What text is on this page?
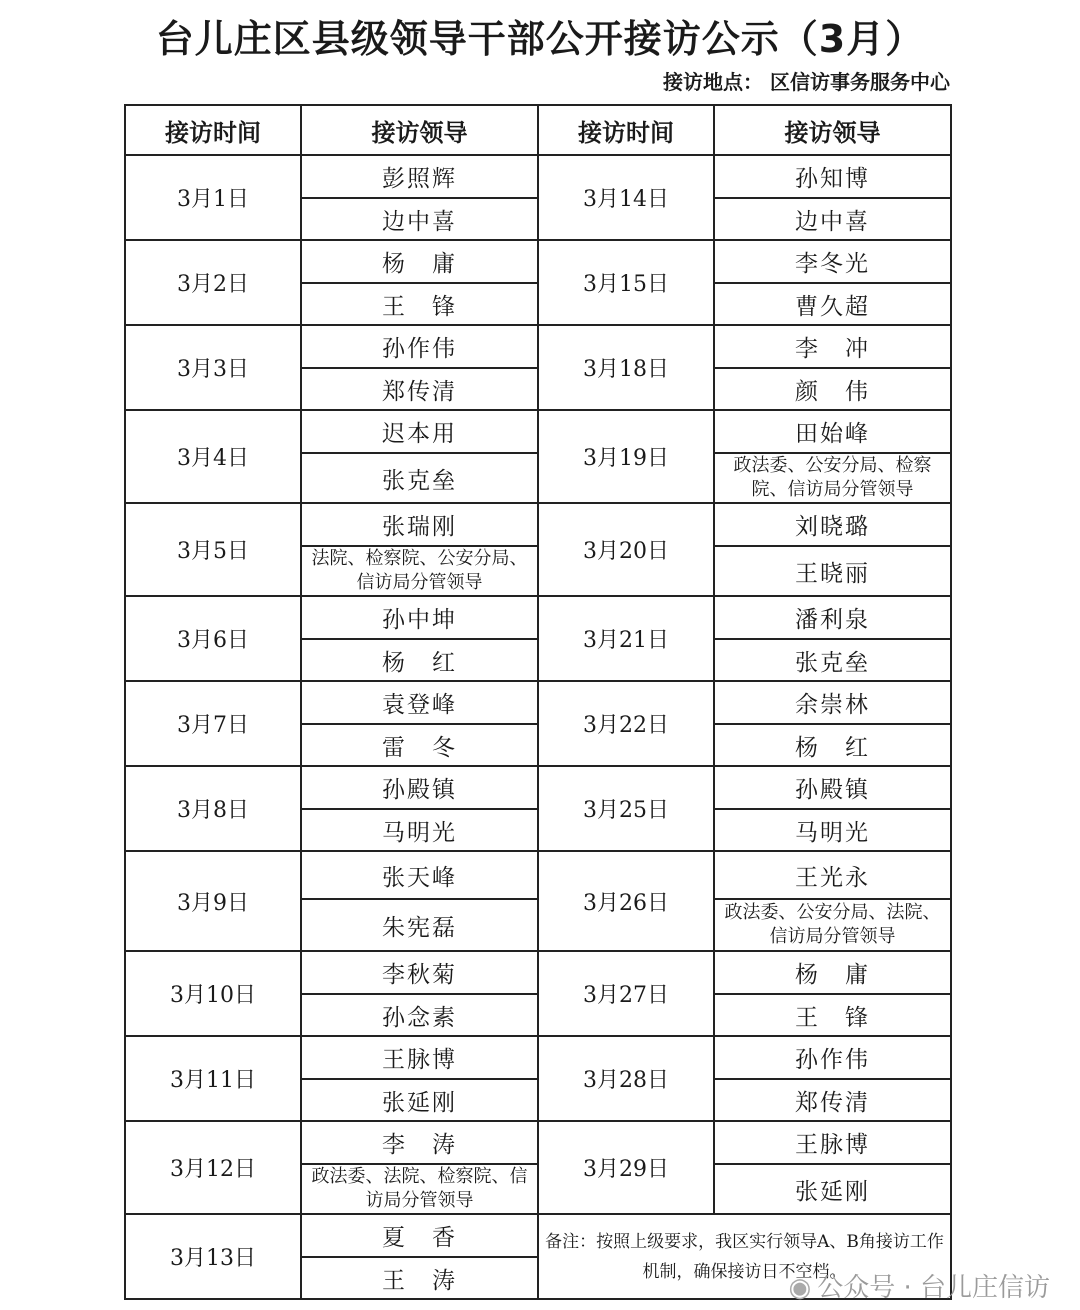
台儿庄区县级领导干部公开接访公示（3月）
接访地点： 区信访事务服务中心
接访时间	接访领导	接访时间	接访领导
3月1日	彭照辉	3月14日	孙知博
	边中喜		边中喜
3月2日	杨　庸	3月15日	李冬光
	王　锋		曹久超
3月3日	孙作伟	3月18日	李　冲
	郑传清		颜　伟
3月4日	迟本用	3月19日	田始峰
	张克垒		政法委、公安分局、检察院、信访局分管领导
3月5日	张瑞刚	3月20日	刘晓璐
	法院、检察院、公安分局、信访局分管领导		王晓丽
3月6日	孙中坤	3月21日	潘利泉
	杨　红		张克垒
3月7日	袁登峰	3月22日	余崇林
	雷　冬		杨　红
3月8日	孙殿镇	3月25日	孙殿镇
	马明光		马明光
3月9日	张天峰	3月26日	王光永
	朱宪磊		政法委、公安分局、法院、信访局分管领导
3月10日	李秋菊	3月27日	杨　庸
	孙念素		王　锋
3月11日	王脉博	3月28日	孙作伟
	张延刚		郑传清
3月12日	李　涛	3月29日	王脉博
	政法委、法院、检察院、信访局分管领导		张延刚
3月13日	夏　香	备注：按照上级要求，我区实行领导A、B角接访工作机制，确保接访日不空档。	
	王　涛			◉ 公众号 · 台儿庄信访
